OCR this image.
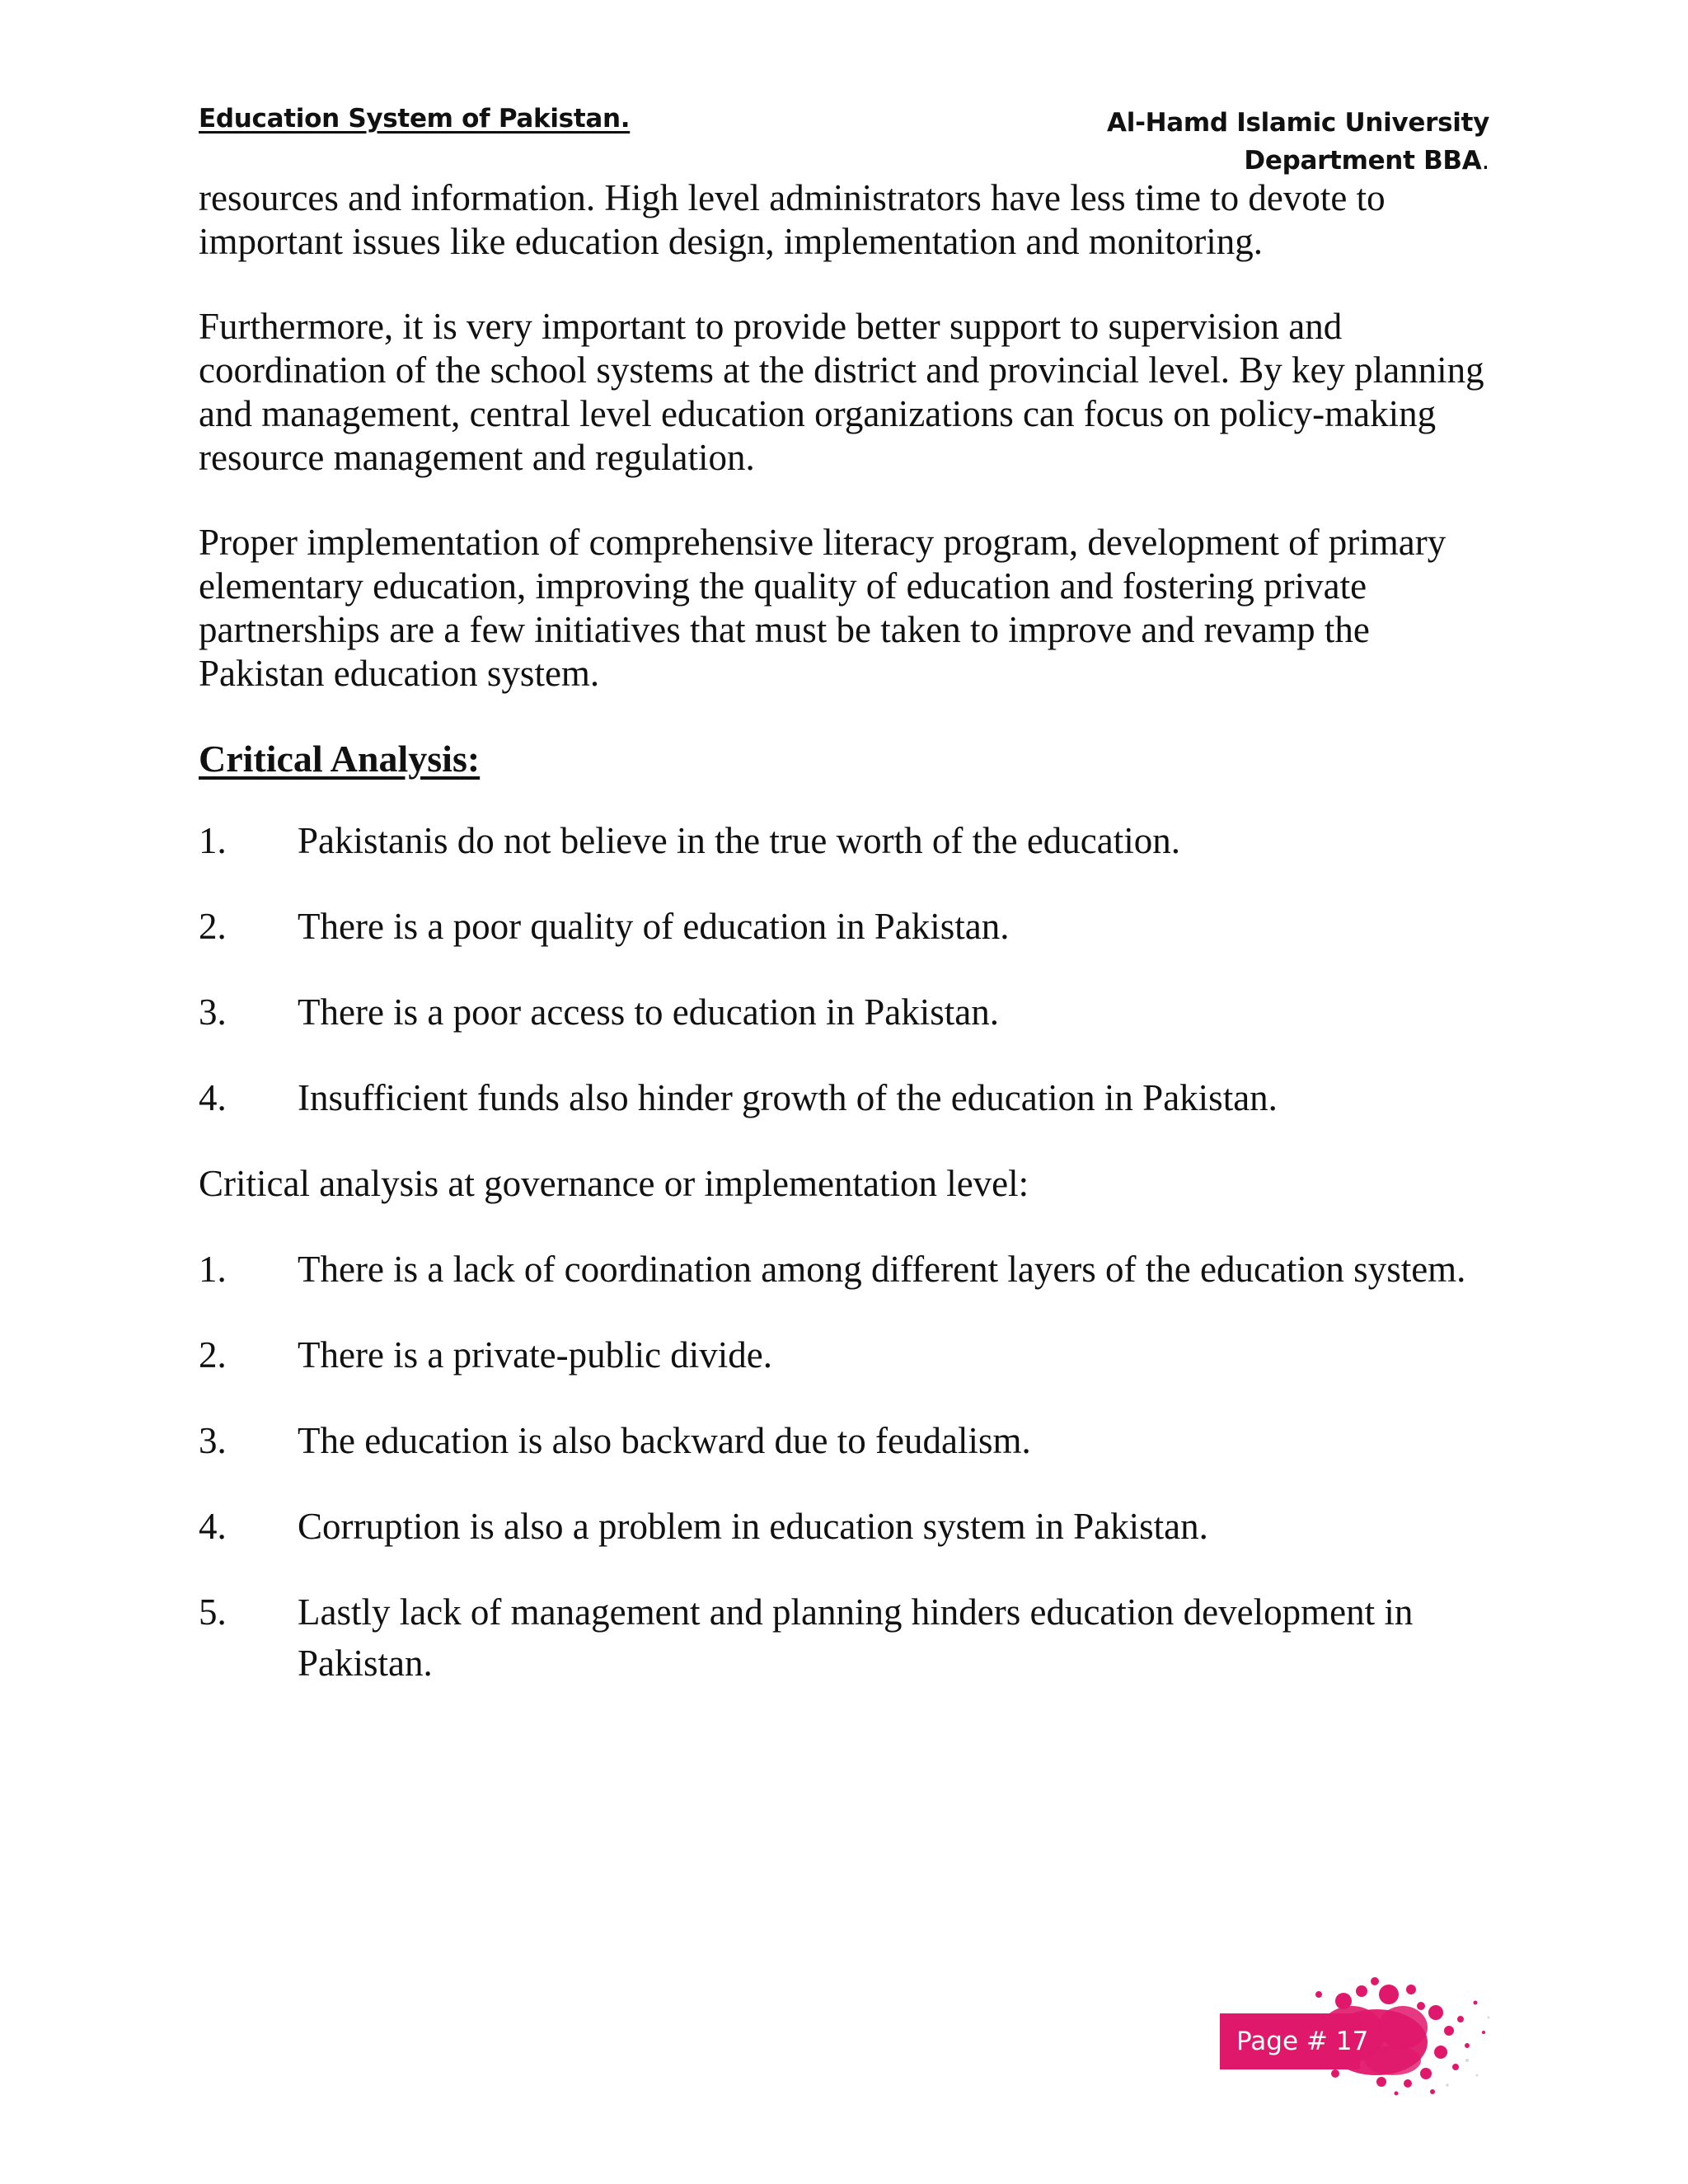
Education System of Pakistan.	Al-Hamd Islamic University
Department BBA.

resources and information. High level administrators have less time to devote to important issues like education design, implementation and monitoring.

Furthermore, it is very important to provide better support to supervision and coordination of the school systems at the district and provincial level. By key planning and management, central level education organizations can focus on policy-making resource management and regulation.

Proper implementation of comprehensive literacy program, development of primary elementary education, improving the quality of education and fostering private partnerships are a few initiatives that must be taken to improve and revamp the Pakistan education system.

Critical Analysis:
1.	Pakistanis do not believe in the true worth of the education.
2.	There is a poor quality of education in Pakistan.
3.	There is a poor access to education in Pakistan.
4.	Insufficient funds also hinder growth of the education in Pakistan.

Critical analysis at governance or implementation level:

1.	There is a lack of coordination among different layers of the education system.
2.	There is a private-public divide.
3.	The education is also backward due to feudalism.
4.	Corruption is also a problem in education system in Pakistan.
5.	Lastly lack of management and planning hinders education development in Pakistan.
Page # 17
